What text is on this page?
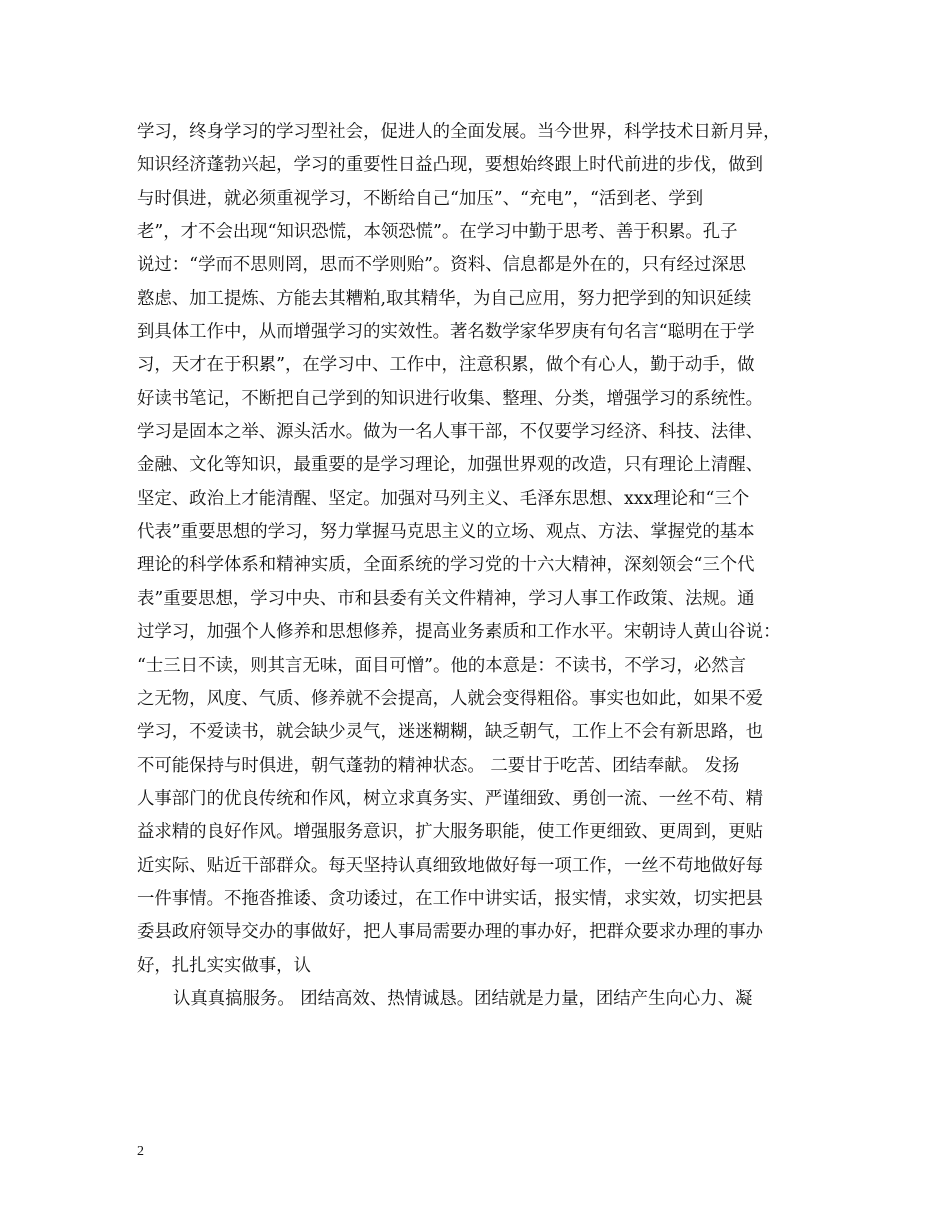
学习，终身学习的学习型社会，促进人的全面发展。当今世界，科学技术日新月异，
知识经济蓬勃兴起，学习的重要性日益凸现，要想始终跟上时代前进的步伐，做到
与时俱进，就必须重视学习，不断给自己“加压”、“充电”，“活到老、学到
老”，才不会出现“知识恐慌，本领恐慌”。在学习中勤于思考、善于积累。孔子
说过：“学而不思则罔，思而不学则贻”。资料、信息都是外在的，只有经过深思
憝虑、加工提炼、方能去其糟粕,取其精华，为自己应用，努力把学到的知识延续
到具体工作中，从而增强学习的实效性。著名数学家华罗庚有句名言“聪明在于学
习，天才在于积累”，在学习中、工作中，注意积累，做个有心人，勤于动手，做
好读书笔记，不断把自己学到的知识进行收集、整理、分类，增强学习的系统性。
学习是固本之举、源头活水。做为一名人事干部，不仅要学习经济、科技、法律、
金融、文化等知识，最重要的是学习理论，加强世界观的改造，只有理论上清醒、
坚定、政治上才能清醒、坚定。加强对马列主义、毛泽东思想、xxx理论和“三个
代表”重要思想的学习，努力掌握马克思主义的立场、观点、方法、掌握党的基本
理论的科学体系和精神实质，全面系统的学习党的十六大精神，深刻领会“三个代
表”重要思想，学习中央、市和县委有关文件精神，学习人事工作政策、法规。通
过学习，加强个人修养和思想修养，提高业务素质和工作水平。宋朝诗人黄山谷说：
“士三日不读，则其言无味，面目可憎”。他的本意是：不读书，不学习，必然言
之无物，风度、气质、修养就不会提高，人就会变得粗俗。事实也如此，如果不爱
学习，不爱读书，就会缺少灵气，迷迷糊糊，缺乏朝气，工作上不会有新思路，也
不可能保持与时俱进，朝气蓬勃的精神状态。 二要甘于吃苦、团结奉献。 发扬
人事部门的优良传统和作风，树立求真务实、严谨细致、勇创一流、一丝不苟、精
益求精的良好作风。增强服务意识，扩大服务职能，使工作更细致、更周到，更贴
近实际、贴近干部群众。每天坚持认真细致地做好每一项工作，一丝不苟地做好每
一件事情。不拖沓推诿、贪功诿过，在工作中讲实话，报实情，求实效，切实把县
委县政府领导交办的事做好，把人事局需要办理的事办好，把群众要求办理的事办
好，扎扎实实做事，认
认真真搞服务。 团结高效、热情诚恳。团结就是力量，团结产生向心力、凝
2
